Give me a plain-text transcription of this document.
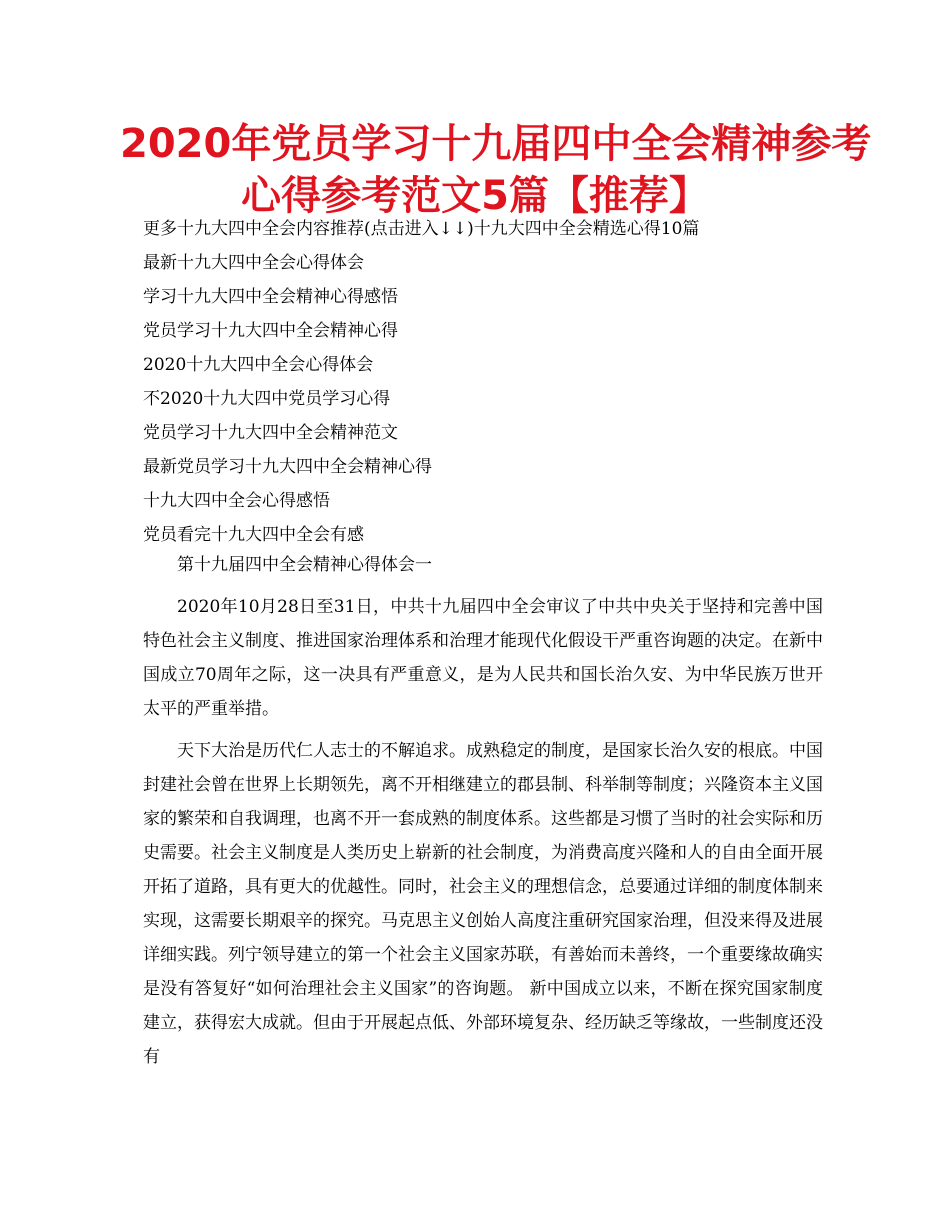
2020年党员学习十九届四中全会精神参考
心得参考范文5篇【推荐】
更多十九大四中全会内容推荐(点击进入↓↓)十九大四中全会精选心得10篇
最新十九大四中全会心得体会
学习十九大四中全会精神心得感悟
党员学习十九大四中全会精神心得
2020十九大四中全会心得体会
不2020十九大四中党员学习心得
党员学习十九大四中全会精神范文
最新党员学习十九大四中全会精神心得
十九大四中全会心得感悟
党员看完十九大四中全会有感

第十九届四中全会精神心得体会一

2020年10月28日至31日，中共十九届四中全会审议了中共中央关于坚持和完善中国特色社会主义制度、推进国家治理体系和治理才能现代化假设干严重咨询题的决定。在新中国成立70周年之际，这一决具有严重意义，是为人民共和国长治久安、为中华民族万世开太平的严重举措。

天下大治是历代仁人志士的不解追求。成熟稳定的制度，是国家长治久安的根底。中国封建社会曾在世界上长期领先，离不开相继建立的郡县制、科举制等制度；兴隆资本主义国家的繁荣和自我调理，也离不开一套成熟的制度体系。这些都是习惯了当时的社会实际和历史需要。社会主义制度是人类历史上崭新的社会制度，为消费高度兴隆和人的自由全面开展开拓了道路，具有更大的优越性。同时，社会主义的理想信念，总要通过详细的制度体制来实现，这需要长期艰辛的探究。马克思主义创始人高度注重研究国家治理，但没来得及进展详细实践。列宁领导建立的第一个社会主义国家苏联，有善始而未善终，一个重要缘故确实是没有答复好“如何治理社会主义国家”的咨询题。 新中国成立以来，不断在探究国家制度建立，获得宏大成就。但由于开展起点低、外部环境复杂、经历缺乏等缘故，一些制度还没有
